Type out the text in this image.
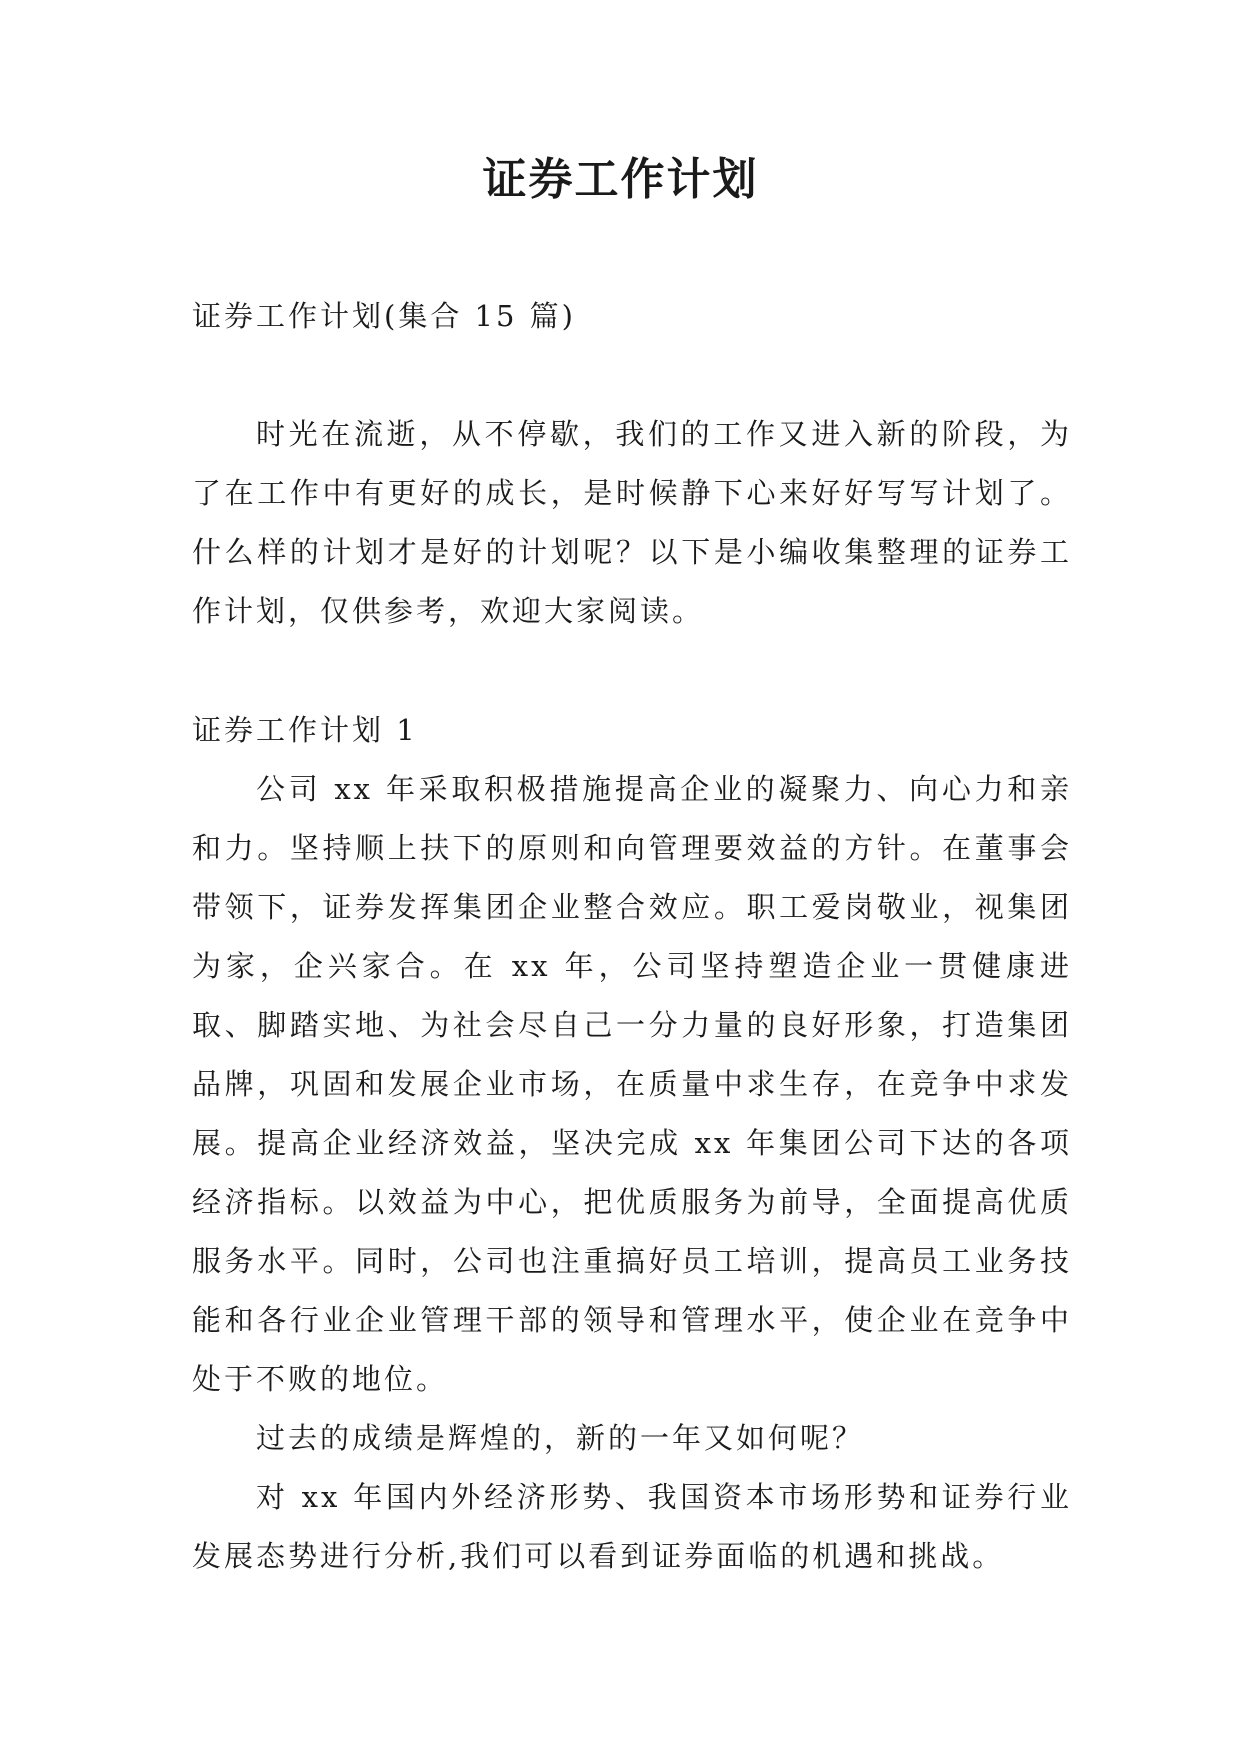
证券工作计划
证券工作计划(集合 15 篇)

时光在流逝，从不停歇，我们的工作又进入新的阶段，为了在工作中有更好的成长，是时候静下心来好好写写计划了。什么样的计划才是好的计划呢？以下是小编收集整理的证券工作计划，仅供参考，欢迎大家阅读。

证券工作计划 1

公司 xx 年采取积极措施提高企业的凝聚力、向心力和亲和力。坚持顺上扶下的原则和向管理要效益的方针。在董事会带领下，证券发挥集团企业整合效应。职工爱岗敬业，视集团为家，企兴家合。在 xx 年，公司坚持塑造企业一贯健康进取、脚踏实地、为社会尽自己一分力量的良好形象，打造集团品牌，巩固和发展企业市场，在质量中求生存，在竞争中求发展。提高企业经济效益，坚决完成 xx 年集团公司下达的各项经济指标。以效益为中心，把优质服务为前导，全面提高优质服务水平。同时，公司也注重搞好员工培训，提高员工业务技能和各行业企业管理干部的领导和管理水平，使企业在竞争中处于不败的地位。

过去的成绩是辉煌的，新的一年又如何呢？

对 xx 年国内外经济形势、我国资本市场形势和证券行业发展态势进行分析,我们可以看到证券面临的机遇和挑战。
